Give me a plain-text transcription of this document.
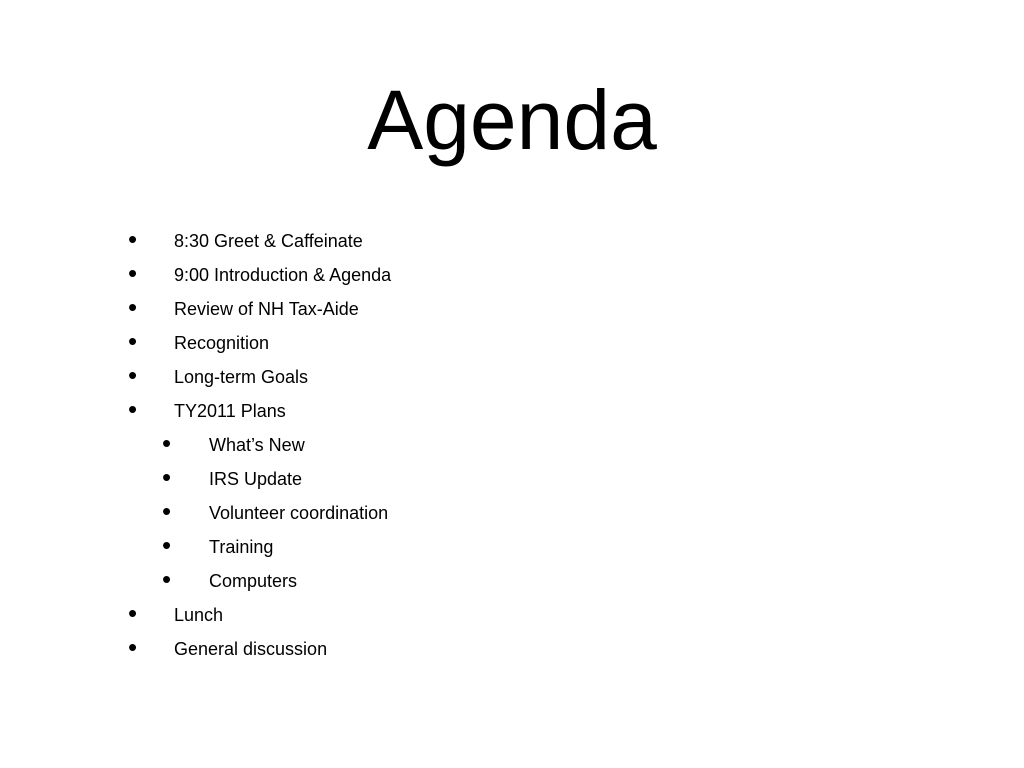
Agenda
• 8:30 Greet & Caffeinate
• 9:00 Introduction & Agenda
• Review of NH Tax-Aide
• Recognition
• Long-term Goals
• TY2011 Plans
• What’s New
• IRS Update
• Volunteer coordination
• Training
• Computers
• Lunch
• General discussion
